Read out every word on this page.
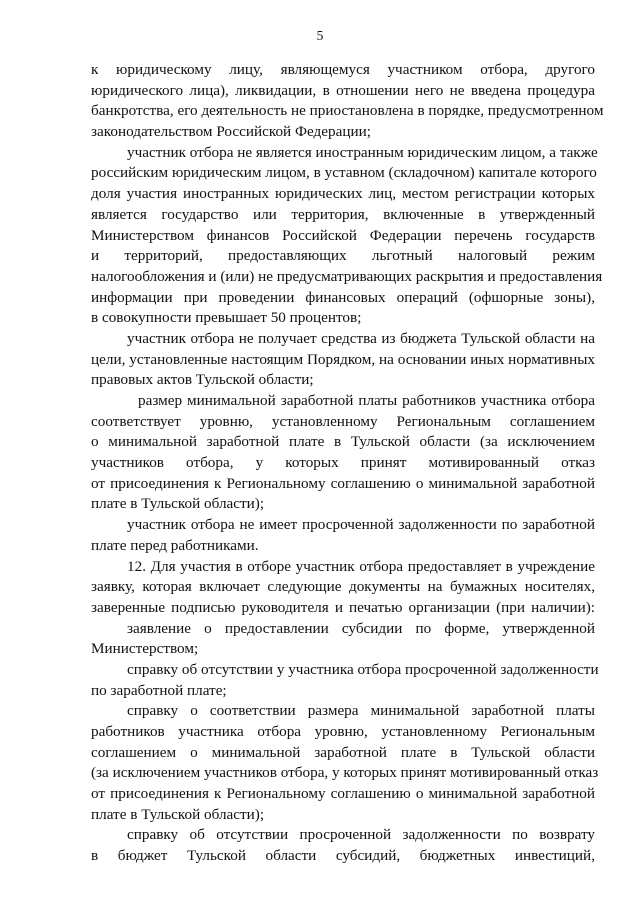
5
к юридическому лицу, являющемуся участником отбора, другого
юридического лица), ликвидации, в отношении него не введена процедура
банкротства, его деятельность не приостановлена в порядке, предусмотренном
законодательством Российской Федерации;
участник отбора не является иностранным юридическим лицом, а также
российским юридическим лицом, в уставном (складочном) капитале которого
доля участия иностранных юридических лиц, местом регистрации которых
является государство или территория, включенные в утвержденный
Министерством финансов Российской Федерации перечень государств
и территорий, предоставляющих льготный налоговый режим
налогообложения и (или) не предусматривающих раскрытия и предоставления
информации при проведении финансовых операций (офшорные зоны),
в совокупности превышает 50 процентов;
участник отбора не получает средства из бюджета Тульской области на
цели, установленные настоящим Порядком, на основании иных нормативных
правовых актов Тульской области;
размер минимальной заработной платы работников участника отбора
соответствует уровню, установленному Региональным соглашением
о минимальной заработной плате в Тульской области (за исключением
участников отбора, у которых принят мотивированный отказ
от присоединения к Региональному соглашению о минимальной заработной
плате в Тульской области);
участник отбора не имеет просроченной задолженности по заработной
плате перед работниками.
12. Для участия в отборе участник отбора предоставляет в учреждение
заявку, которая включает следующие документы на бумажных носителях,
заверенные подписью руководителя и печатью организации (при наличии):
заявление о предоставлении субсидии по форме, утвержденной
Министерством;
справку об отсутствии у участника отбора просроченной задолженности
по заработной плате;
справку о соответствии размера минимальной заработной платы
работников участника отбора уровню, установленному Региональным
соглашением о минимальной заработной плате в Тульской области
(за исключением участников отбора, у которых принят мотивированный отказ
от присоединения к Региональному соглашению о минимальной заработной
плате в Тульской области);
справку об отсутствии просроченной задолженности по возврату
в бюджет Тульской области субсидий, бюджетных инвестиций,
